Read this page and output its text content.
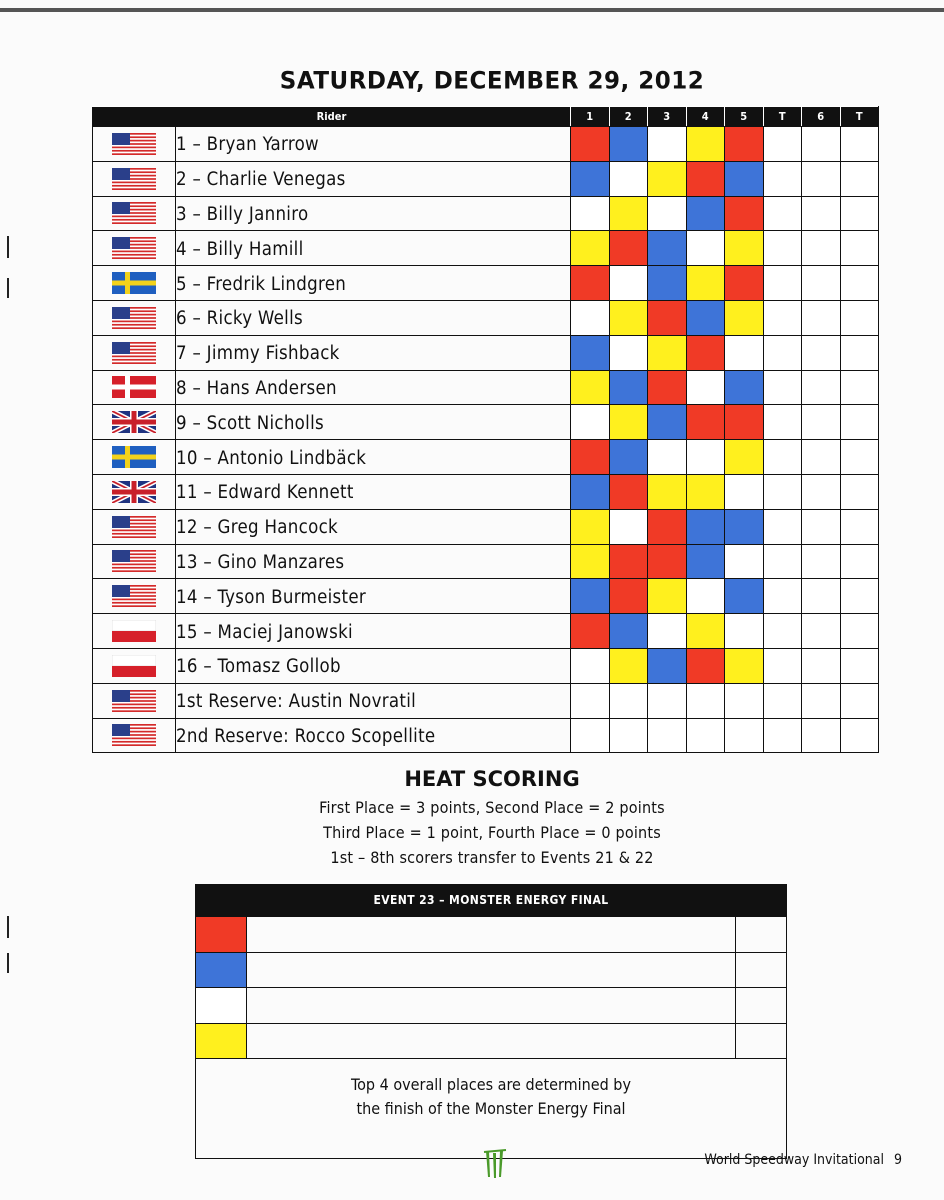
SATURDAY, DECEMBER 29, 2012
Rider		1	2	3	4	5	T	6	T
	1 – Bryan Yarrow								
	2 – Charlie Venegas								
	3 – Billy Janniro								
	4 – Billy Hamill								
	5 – Fredrik Lindgren								
	6 – Ricky Wells								
	7 – Jimmy Fishback								
	8 – Hans Andersen								
	9 – Scott Nicholls								
	10 – Antonio Lindbäck								
	11 – Edward Kennett								
	12 – Greg Hancock								
	13 – Gino Manzares								
	14 – Tyson Burmeister								
	15 – Maciej Janowski								
	16 – Tomasz Gollob								
	1st Reserve: Austin Novratil								
	2nd Reserve: Rocco Scopellite								
HEAT SCORING
First Place = 3 points, Second Place = 2 points
Third Place = 1 point, Fourth Place = 0 points
1st – 8th scorers transfer to Events 21 & 22
EVENT 23 – MONSTER ENERGY FINAL
Top 4 overall places are determined by
the finish of the Monster Energy Final
World Speedway Invitational 9
